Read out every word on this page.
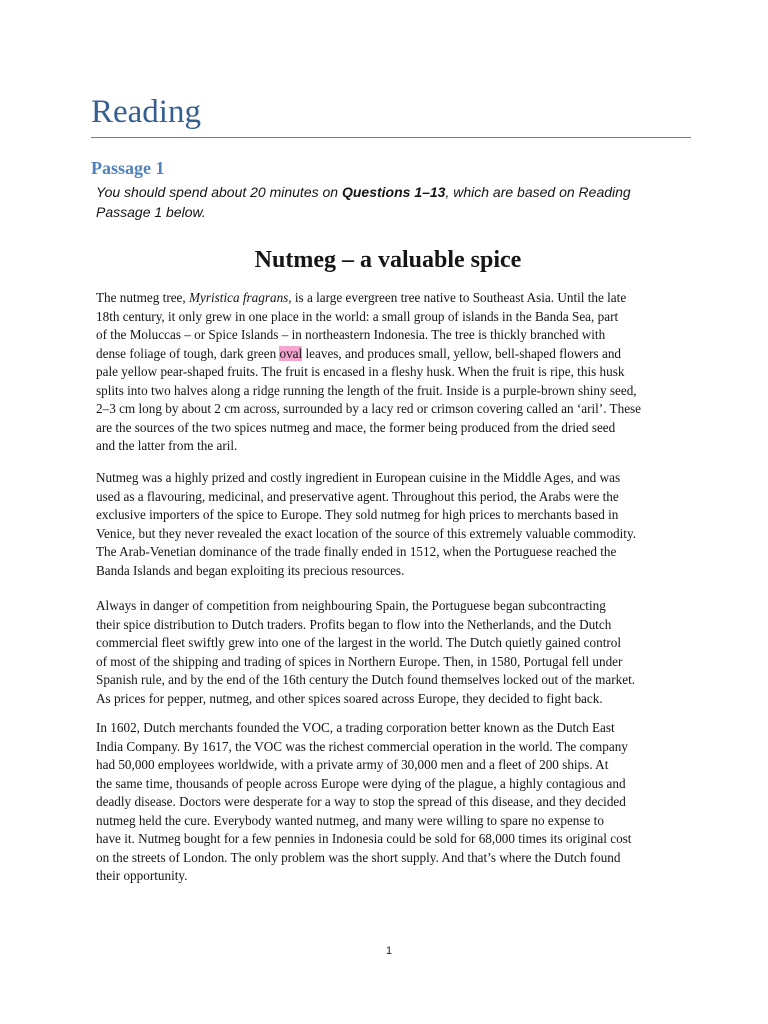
Reading
Passage 1
You should spend about 20 minutes on Questions 1–13, which are based on Reading
Passage 1 below.
Nutmeg – a valuable spice
The nutmeg tree, Myristica fragrans, is a large evergreen tree native to Southeast Asia. Until the late
18th century, it only grew in one place in the world: a small group of islands in the Banda Sea, part
of the Moluccas – or Spice Islands – in northeastern Indonesia. The tree is thickly branched with
dense foliage of tough, dark green oval leaves, and produces small, yellow, bell-shaped flowers and
pale yellow pear-shaped fruits. The fruit is encased in a fleshy husk. When the fruit is ripe, this husk
splits into two halves along a ridge running the length of the fruit. Inside is a purple-brown shiny seed,
2–3 cm long by about 2 cm across, surrounded by a lacy red or crimson covering called an ‘aril’. These
are the sources of the two spices nutmeg and mace, the former being produced from the dried seed
and the latter from the aril.
Nutmeg was a highly prized and costly ingredient in European cuisine in the Middle Ages, and was
used as a flavouring, medicinal, and preservative agent. Throughout this period, the Arabs were the
exclusive importers of the spice to Europe. They sold nutmeg for high prices to merchants based in
Venice, but they never revealed the exact location of the source of this extremely valuable commodity.
The Arab-Venetian dominance of the trade finally ended in 1512, when the Portuguese reached the
Banda Islands and began exploiting its precious resources.
Always in danger of competition from neighbouring Spain, the Portuguese began subcontracting
their spice distribution to Dutch traders. Profits began to flow into the Netherlands, and the Dutch
commercial fleet swiftly grew into one of the largest in the world. The Dutch quietly gained control
of most of the shipping and trading of spices in Northern Europe. Then, in 1580, Portugal fell under
Spanish rule, and by the end of the 16th century the Dutch found themselves locked out of the market.
As prices for pepper, nutmeg, and other spices soared across Europe, they decided to fight back.
In 1602, Dutch merchants founded the VOC, a trading corporation better known as the Dutch East
India Company. By 1617, the VOC was the richest commercial operation in the world. The company
had 50,000 employees worldwide, with a private army of 30,000 men and a fleet of 200 ships. At
the same time, thousands of people across Europe were dying of the plague, a highly contagious and
deadly disease. Doctors were desperate for a way to stop the spread of this disease, and they decided
nutmeg held the cure. Everybody wanted nutmeg, and many were willing to spare no expense to
have it. Nutmeg bought for a few pennies in Indonesia could be sold for 68,000 times its original cost
on the streets of London. The only problem was the short supply. And that’s where the Dutch found
their opportunity.
1
